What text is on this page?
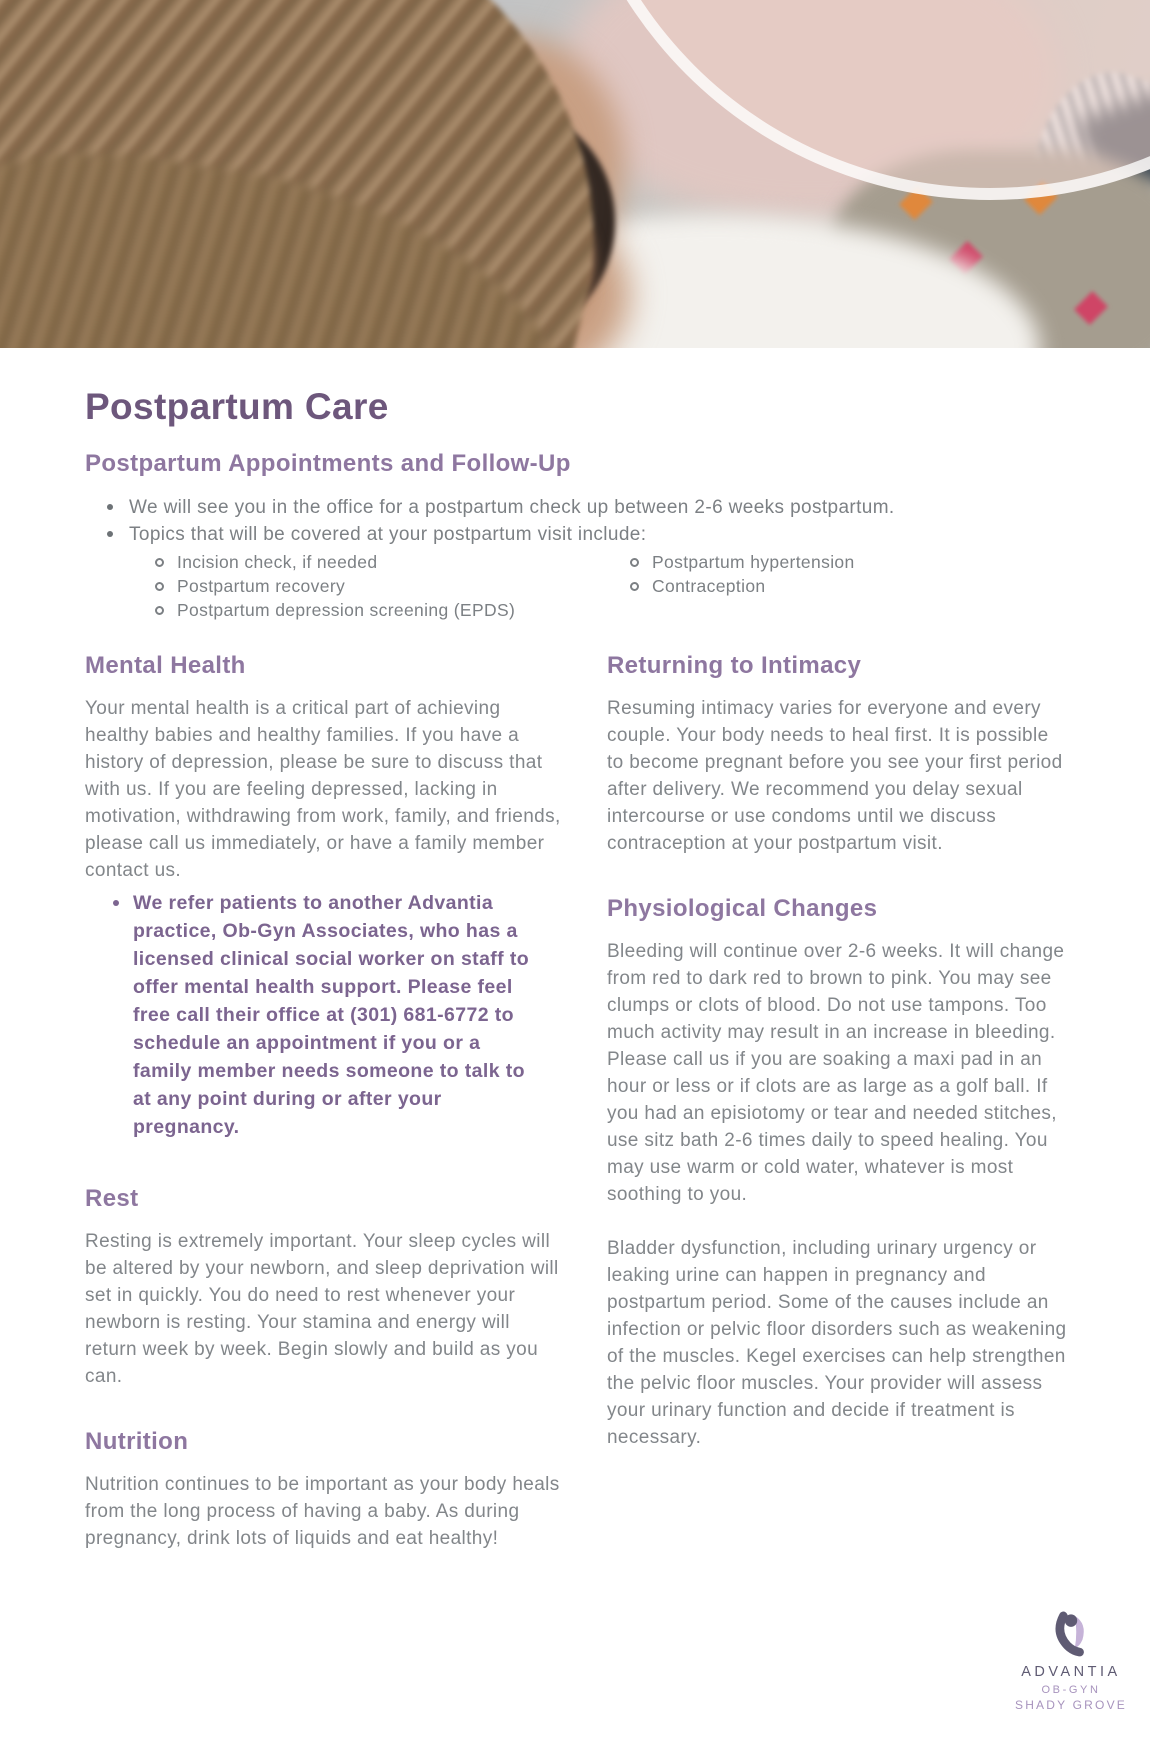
Postpartum Care
Postpartum Appointments and Follow-Up
We will see you in the office for a postpartum check up between 2-6 weeks postpartum.
Topics that will be covered at your postpartum visit include:
Incision check, if needed
Postpartum recovery
Postpartum depression screening (EPDS)
Postpartum hypertension
Contraception
Mental Health

Your mental health is a critical part of achieving healthy babies and healthy families. If you have a history of depression, please be sure to discuss that with us. If you are feeling depressed, lacking in motivation, withdrawing from work, family, and friends, please call us immediately, or have a family member contact us.

We refer patients to another Advantia practice, Ob-Gyn Associates, who has a licensed clinical social worker on staff to offer mental health support. Please feel free call their office at (301) 681-6772 to schedule an appointment if you or a family member needs someone to talk to at any point during or after your pregnancy.

Rest

Resting is extremely important. Your sleep cycles will be altered by your newborn, and sleep deprivation will set in quickly. You do need to rest whenever your newborn is resting. Your stamina and energy will return week by week. Begin slowly and build as you can.

Nutrition

Nutrition continues to be important as your body heals from the long process of having a baby. As during pregnancy, drink lots of liquids and eat healthy!

Returning to Intimacy

Resuming intimacy varies for everyone and every couple. Your body needs to heal first. It is possible to become pregnant before you see your first period after delivery. We recommend you delay sexual intercourse or use condoms until we discuss contraception at your postpartum visit.

Physiological Changes

Bleeding will continue over 2-6 weeks. It will change from red to dark red to brown to pink. You may see clumps or clots of blood. Do not use tampons. Too much activity may result in an increase in bleeding. Please call us if you are soaking a maxi pad in an hour or less or if clots are as large as a golf ball. If you had an episiotomy or tear and needed stitches, use sitz bath 2-6 times daily to speed healing. You may use warm or cold water, whatever is most soothing to you.

Bladder dysfunction, including urinary urgency or leaking urine can happen in pregnancy and postpartum period. Some of the causes include an infection or pelvic floor disorders such as weakening of the muscles. Kegel exercises can help strengthen the pelvic floor muscles. Your provider will assess your urinary function and decide if treatment is necessary.

ADVANTIA
OB-GYN
SHADY GROVE
